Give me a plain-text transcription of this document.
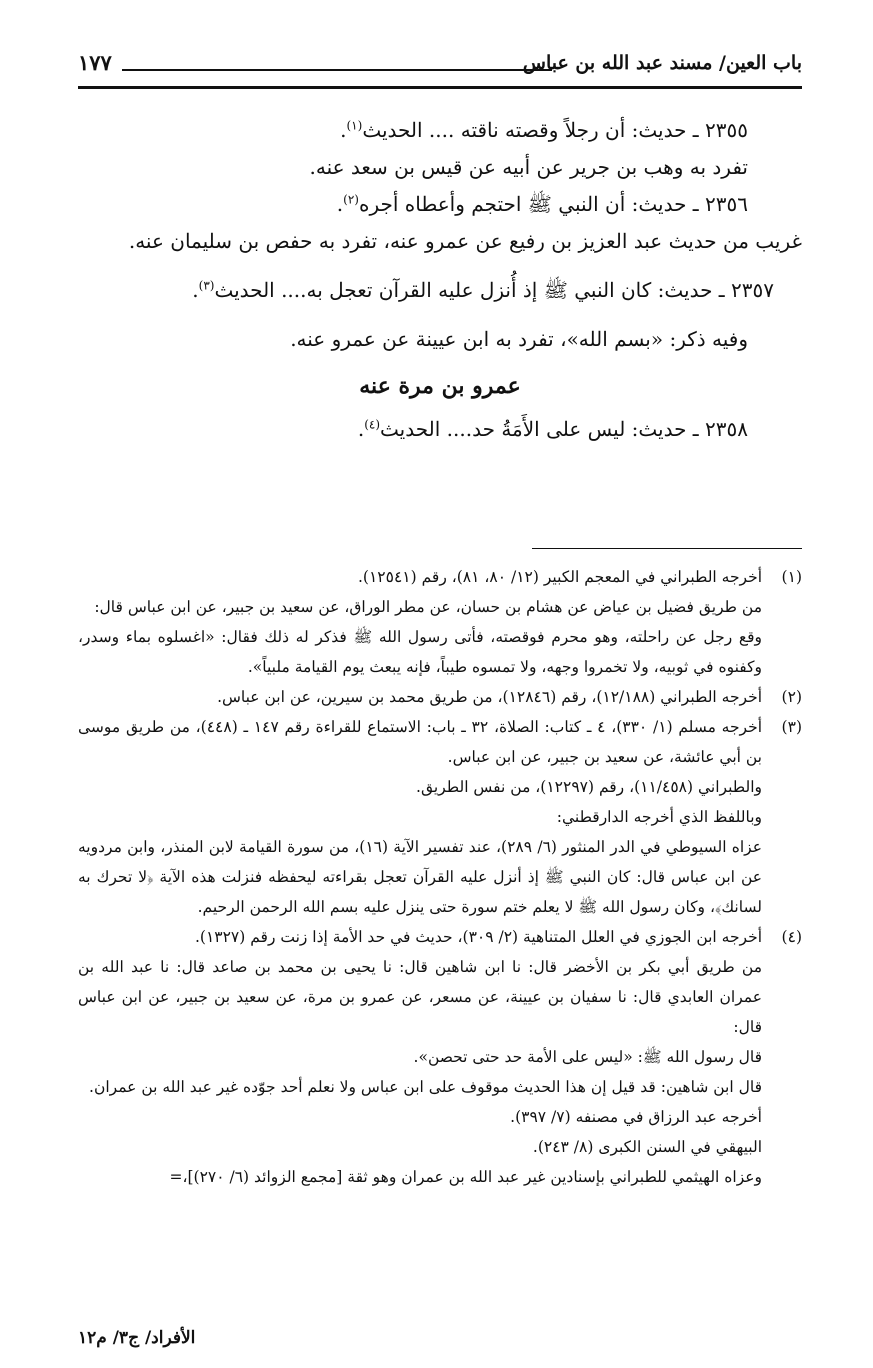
باب العين/ مسند عبد الله بن عباس
١٧٧

٢٣٥٥ ـ حديث: أن رجلاً وقصته ناقته .... الحديث$^{(١)}$.

تفرد به وهب بن جرير عن أبيه عن قيس بن سعد عنه.

٢٣٥٦ ـ حديث: أن النبي ﷺ احتجم وأعطاه أجره$^{(٢)}$.

غريب من حديث عبد العزيز بن رفيع عن عمرو عنه، تفرد به حفص بن سليمان عنه.

٢٣٥٧ ـ حديث: كان النبي ﷺ إذ أُنزل عليه القرآن تعجل به.... الحديث$^{(٣)}$.

وفيه ذكر: «بسم الله»، تفرد به ابن عيينة عن عمرو عنه.

عمرو بن مرة عنه

٢٣٥٨ ـ حديث: ليس على الأَمَةُ حد.... الحديث$^{(٤)}$.

(١)

أخرجه الطبراني في المعجم الكبير (١٢/ ٨٠، ٨١)، رقم (١٢٥٤١).

من طريق فضيل بن عياض عن هشام بن حسان، عن مطر الوراق، عن سعيد بن جبير، عن ابن عباس قال:

وقع رجل عن راحلته، وهو محرم فوقصته، فأتى رسول الله ﷺ فذكر له ذلك فقال: «اغسلوه بماء وسدر، وكفنوه في ثوبيه، ولا تخمروا وجهه، ولا تمسوه طيباً، فإنه يبعث يوم القيامة ملبياً».

(٢)

أخرجه الطبراني (١٢/١٨٨)، رقم (١٢٨٤٦)، من طريق محمد بن سيرين، عن ابن عباس.

(٣)

أخرجه مسلم (١/ ٣٣٠)، ٤ ـ كتاب: الصلاة، ٣٢ ـ باب: الاستماع للقراءة رقم ١٤٧ ـ (٤٤٨)، من طريق موسى بن أبي عائشة، عن سعيد بن جبير، عن ابن عباس.

والطبراني (١١/٤٥٨)، رقم (١٢٢٩٧)، من نفس الطريق.

وباللفظ الذي أخرجه الدارقطني:

عزاه السيوطي في الدر المنثور (٦/ ٢٨٩)، عند تفسير الآية (١٦)، من سورة القيامة لابن المنذر، وابن مردويه عن ابن عباس قال: كان النبي ﷺ إذ أنزل عليه القرآن تعجل بقراءته ليحفظه فنزلت هذه الآية ﴿لا تحرك به لسانك﴾، وكان رسول الله ﷺ لا يعلم ختم سورة حتى ينزل عليه بسم الله الرحمن الرحيم.

(٤)

أخرجه ابن الجوزي في العلل المتناهية (٢/ ٣٠٩)، حديث في حد الأمة إذا زنت رقم (١٣٢٧).

من طريق أبي بكر بن الأخضر قال: نا ابن شاهين قال: نا يحيى بن محمد بن صاعد قال: نا عبد الله بن عمران العابدي قال: نا سفيان بن عيينة، عن مسعر، عن عمرو بن مرة، عن سعيد بن جبير، عن ابن عباس قال:

قال رسول الله ﷺ: «ليس على الأمة حد حتى تحصن».

قال ابن شاهين: قد قيل إن هذا الحديث موقوف على ابن عباس ولا نعلم أحد جوّده غير عبد الله بن عمران.

أخرجه عبد الرزاق في مصنفه (٧/ ٣٩٧).

البيهقي في السنن الكبرى (٨/ ٢٤٣).

وعزاه الهيثمي للطبراني بإسنادين غير عبد الله بن عمران وهو ثقة [مجمع الزوائد (٦/ ٢٧٠)]،=

الأفراد/ ج٣/ م١٢
